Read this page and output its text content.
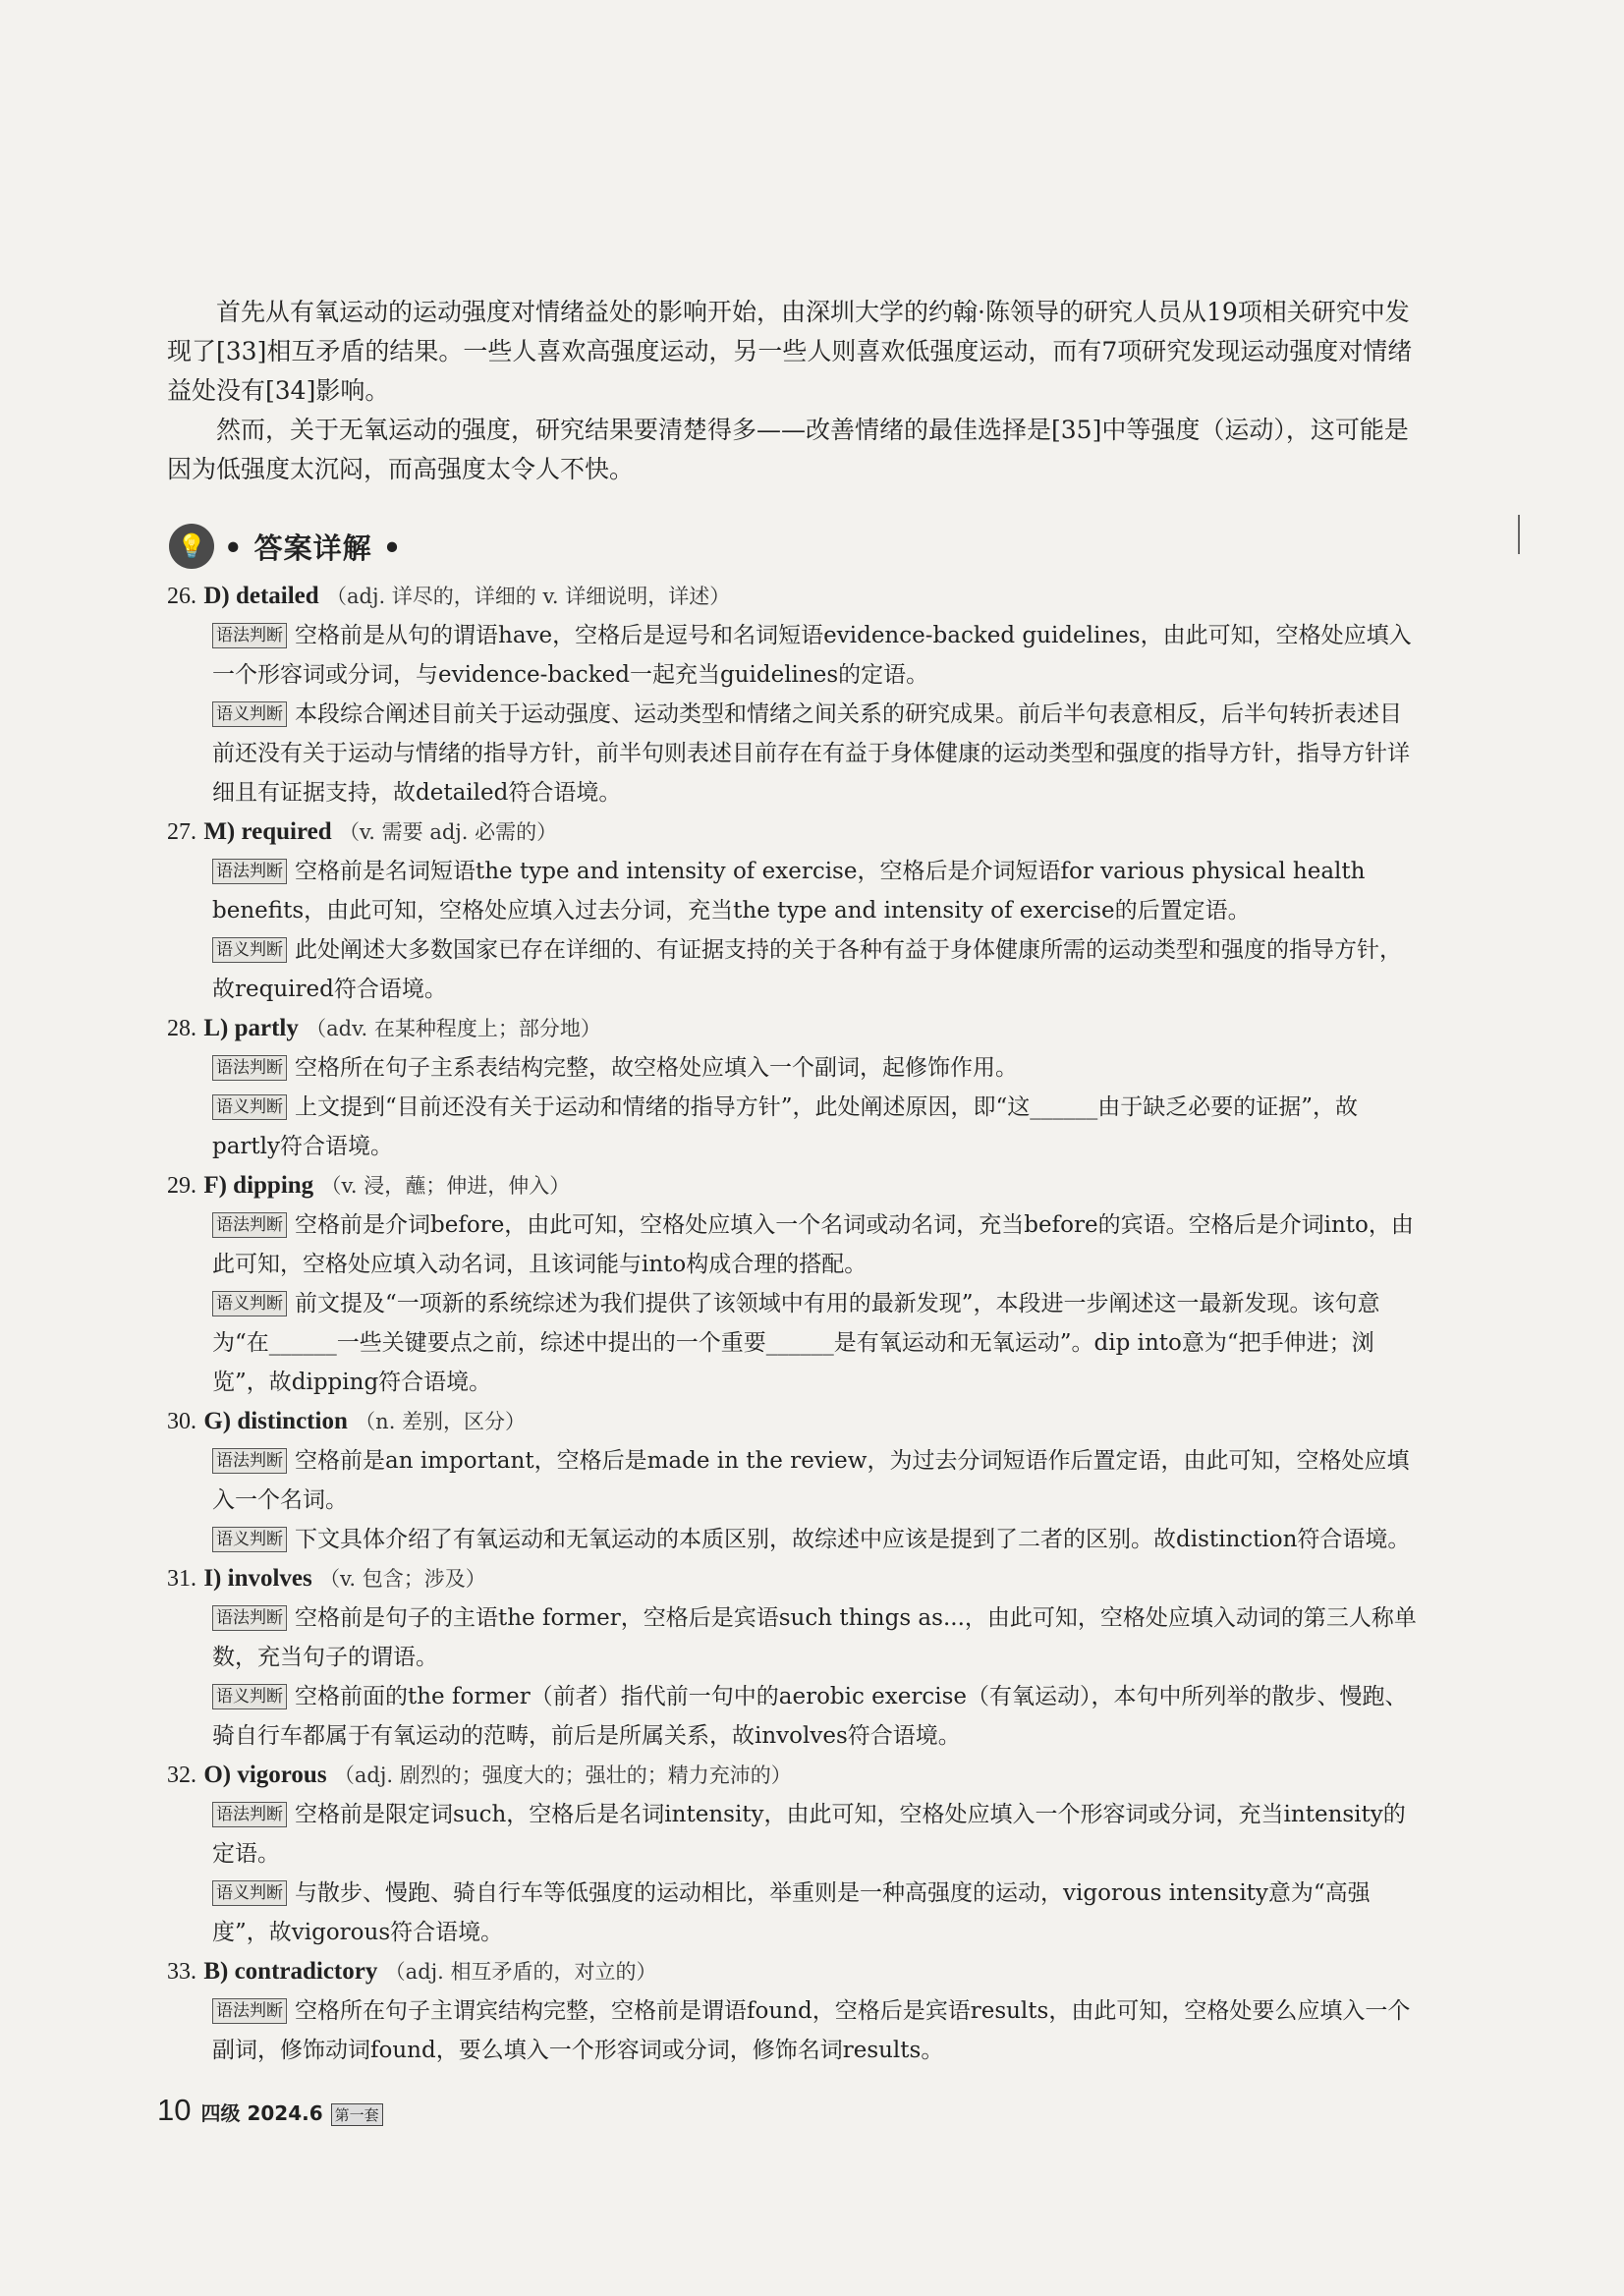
首先从有氧运动的运动强度对情绪益处的影响开始，由深圳大学的约翰·陈领导的研究人员从19项相关研究中发现了[33]相互矛盾的结果。一些人喜欢高强度运动，另一些人则喜欢低强度运动，而有7项研究发现运动强度对情绪益处没有[34]影响。

然而，关于无氧运动的强度，研究结果要清楚得多——改善情绪的最佳选择是[35]中等强度（运动），这可能是因为低强度太沉闷，而高强度太令人不快。

💡 • 答案详解 •
26. D) detailed （adj. 详尽的，详细的 v. 详细说明，详述）
语法判断 空格前是从句的谓语have，空格后是逗号和名词短语evidence-backed guidelines，由此可知，空格处应填入一个形容词或分词，与evidence-backed一起充当guidelines的定语。
语义判断 本段综合阐述目前关于运动强度、运动类型和情绪之间关系的研究成果。前后半句表意相反，后半句转折表述目前还没有关于运动与情绪的指导方针，前半句则表述目前存在有益于身体健康的运动类型和强度的指导方针，指导方针详细且有证据支持，故detailed符合语境。
27. M) required （v. 需要 adj. 必需的）
语法判断 空格前是名词短语the type and intensity of exercise，空格后是介词短语for various physical health benefits，由此可知，空格处应填入过去分词，充当the type and intensity of exercise的后置定语。
语义判断 此处阐述大多数国家已存在详细的、有证据支持的关于各种有益于身体健康所需的运动类型和强度的指导方针，故required符合语境。
28. L) partly （adv. 在某种程度上；部分地）
语法判断 空格所在句子主系表结构完整，故空格处应填入一个副词，起修饰作用。
语义判断 上文提到“目前还没有关于运动和情绪的指导方针”，此处阐述原因，即“这______由于缺乏必要的证据”，故partly符合语境。
29. F) dipping （v. 浸，蘸；伸进，伸入）
语法判断 空格前是介词before，由此可知，空格处应填入一个名词或动名词，充当before的宾语。空格后是介词into，由此可知，空格处应填入动名词，且该词能与into构成合理的搭配。
语义判断 前文提及“一项新的系统综述为我们提供了该领域中有用的最新发现”，本段进一步阐述这一最新发现。该句意为“在______一些关键要点之前，综述中提出的一个重要______是有氧运动和无氧运动”。dip into意为“把手伸进；浏览”，故dipping符合语境。
30. G) distinction （n. 差别，区分）
语法判断 空格前是an important，空格后是made in the review，为过去分词短语作后置定语，由此可知，空格处应填入一个名词。
语义判断 下文具体介绍了有氧运动和无氧运动的本质区别，故综述中应该是提到了二者的区别。故distinction符合语境。
31. I) involves （v. 包含；涉及）
语法判断 空格前是句子的主语the former，空格后是宾语such things as...，由此可知，空格处应填入动词的第三人称单数，充当句子的谓语。
语义判断 空格前面的the former（前者）指代前一句中的aerobic exercise（有氧运动），本句中所列举的散步、慢跑、骑自行车都属于有氧运动的范畴，前后是所属关系，故involves符合语境。
32. O) vigorous （adj. 剧烈的；强度大的；强壮的；精力充沛的）
语法判断 空格前是限定词such，空格后是名词intensity，由此可知，空格处应填入一个形容词或分词，充当intensity的定语。
语义判断 与散步、慢跑、骑自行车等低强度的运动相比，举重则是一种高强度的运动，vigorous intensity意为“高强度”，故vigorous符合语境。
33. B) contradictory （adj. 相互矛盾的，对立的）
语法判断 空格所在句子主谓宾结构完整，空格前是谓语found，空格后是宾语results，由此可知，空格处要么应填入一个副词，修饰动词found，要么填入一个形容词或分词，修饰名词results。
10 四级 2024.6 第一套
